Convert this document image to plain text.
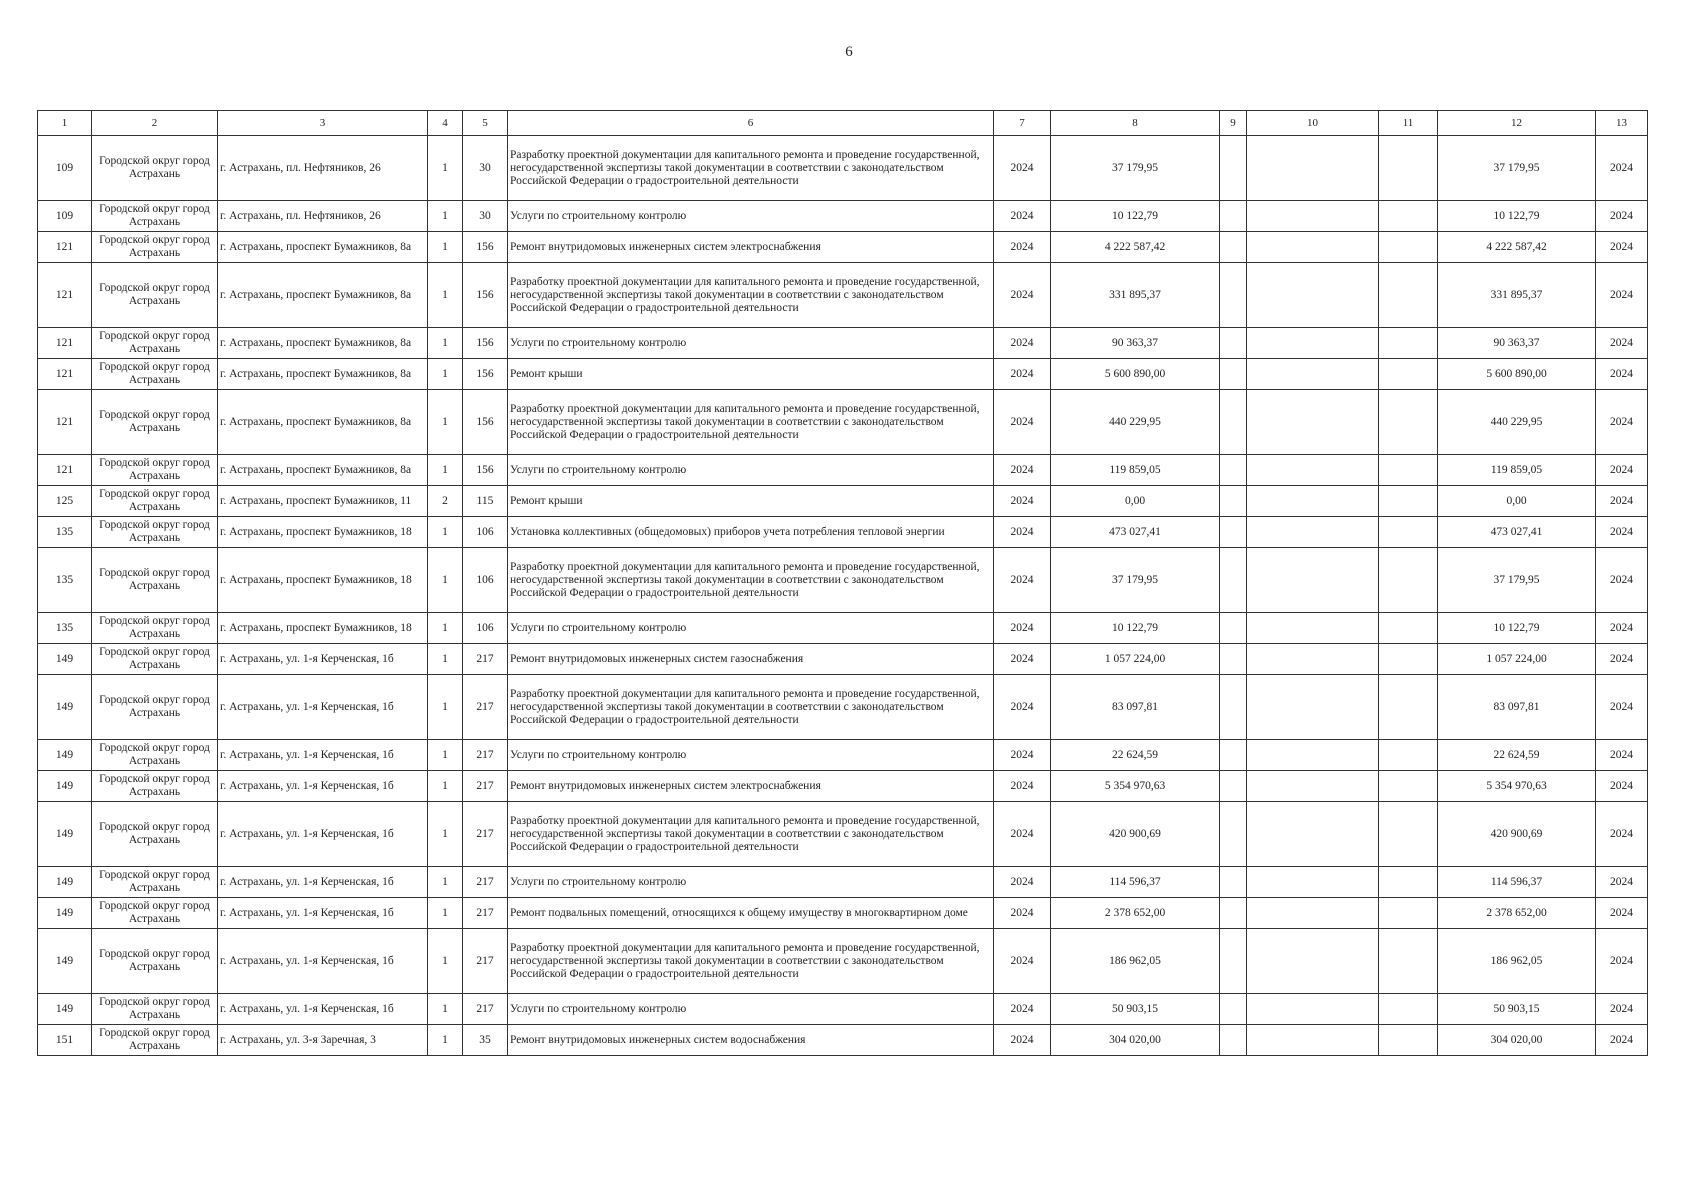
6
1	2	3	4	5	6	7	8	9	10	11	12	13
109	Городской округ город Астрахань	г. Астрахань, пл. Нефтяников, 26	1	30	Разработку проектной документации для капитального ремонта и проведение государственной, негосударственной экспертизы такой документации в соответствии с законодательством Российской Федерации о градостроительной деятельности	2024	37 179,95				37 179,95	2024
109	Городской округ город Астрахань	г. Астрахань, пл. Нефтяников, 26	1	30	Услуги по строительному контролю	2024	10 122,79				10 122,79	2024
121	Городской округ город Астрахань	г. Астрахань, проспект Бумажников, 8а	1	156	Ремонт внутридомовых инженерных систем электроснабжения	2024	4 222 587,42				4 222 587,42	2024
121	Городской округ город Астрахань	г. Астрахань, проспект Бумажников, 8а	1	156	Разработку проектной документации для капитального ремонта и проведение государственной, негосударственной экспертизы такой документации в соответствии с законодательством Российской Федерации о градостроительной деятельности	2024	331 895,37				331 895,37	2024
121	Городской округ город Астрахань	г. Астрахань, проспект Бумажников, 8а	1	156	Услуги по строительному контролю	2024	90 363,37				90 363,37	2024
121	Городской округ город Астрахань	г. Астрахань, проспект Бумажников, 8а	1	156	Ремонт крыши	2024	5 600 890,00				5 600 890,00	2024
121	Городской округ город Астрахань	г. Астрахань, проспект Бумажников, 8а	1	156	Разработку проектной документации для капитального ремонта и проведение государственной, негосударственной экспертизы такой документации в соответствии с законодательством Российской Федерации о градостроительной деятельности	2024	440 229,95				440 229,95	2024
121	Городской округ город Астрахань	г. Астрахань, проспект Бумажников, 8а	1	156	Услуги по строительному контролю	2024	119 859,05				119 859,05	2024
125	Городской округ город Астрахань	г. Астрахань, проспект Бумажников, 11	2	115	Ремонт крыши	2024	0,00				0,00	2024
135	Городской округ город Астрахань	г. Астрахань, проспект Бумажников, 18	1	106	Установка коллективных (общедомовых) приборов учета потребления тепловой энергии	2024	473 027,41				473 027,41	2024
135	Городской округ город Астрахань	г. Астрахань, проспект Бумажников, 18	1	106	Разработку проектной документации для капитального ремонта и проведение государственной, негосударственной экспертизы такой документации в соответствии с законодательством Российской Федерации о градостроительной деятельности	2024	37 179,95				37 179,95	2024
135	Городской округ город Астрахань	г. Астрахань, проспект Бумажников, 18	1	106	Услуги по строительному контролю	2024	10 122,79				10 122,79	2024
149	Городской округ город Астрахань	г. Астрахань, ул. 1-я Керченская, 1б	1	217	Ремонт внутридомовых инженерных систем газоснабжения	2024	1 057 224,00				1 057 224,00	2024
149	Городской округ город Астрахань	г. Астрахань, ул. 1-я Керченская, 1б	1	217	Разработку проектной документации для капитального ремонта и проведение государственной, негосударственной экспертизы такой документации в соответствии с законодательством Российской Федерации о градостроительной деятельности	2024	83 097,81				83 097,81	2024
149	Городской округ город Астрахань	г. Астрахань, ул. 1-я Керченская, 1б	1	217	Услуги по строительному контролю	2024	22 624,59				22 624,59	2024
149	Городской округ город Астрахань	г. Астрахань, ул. 1-я Керченская, 1б	1	217	Ремонт внутридомовых инженерных систем электроснабжения	2024	5 354 970,63				5 354 970,63	2024
149	Городской округ город Астрахань	г. Астрахань, ул. 1-я Керченская, 1б	1	217	Разработку проектной документации для капитального ремонта и проведение государственной, негосударственной экспертизы такой документации в соответствии с законодательством Российской Федерации о градостроительной деятельности	2024	420 900,69				420 900,69	2024
149	Городской округ город Астрахань	г. Астрахань, ул. 1-я Керченская, 1б	1	217	Услуги по строительному контролю	2024	114 596,37				114 596,37	2024
149	Городской округ город Астрахань	г. Астрахань, ул. 1-я Керченская, 1б	1	217	Ремонт подвальных помещений, относящихся к общему имуществу в многоквартирном доме	2024	2 378 652,00				2 378 652,00	2024
149	Городской округ город Астрахань	г. Астрахань, ул. 1-я Керченская, 1б	1	217	Разработку проектной документации для капитального ремонта и проведение государственной, негосударственной экспертизы такой документации в соответствии с законодательством Российской Федерации о градостроительной деятельности	2024	186 962,05				186 962,05	2024
149	Городской округ город Астрахань	г. Астрахань, ул. 1-я Керченская, 1б	1	217	Услуги по строительному контролю	2024	50 903,15				50 903,15	2024
151	Городской округ город Астрахань	г. Астрахань, ул. 3-я Заречная, 3	1	35	Ремонт внутридомовых инженерных систем водоснабжения	2024	304 020,00				304 020,00	2024
